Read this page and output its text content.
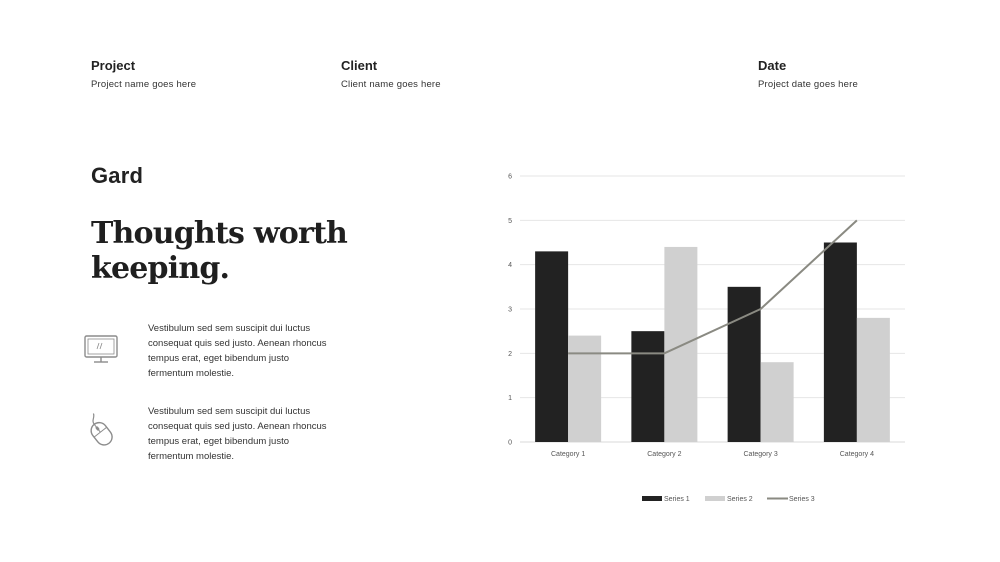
Project
Project name goes here
Client
Client name goes here
Date
Project date goes here
Gard
Thoughts worth keeping.
Vestibulum sed sem suscipit dui luctus consequat quis sed justo. Aenean rhoncus tempus erat, eget bibendum justo fermentum molestie.
Vestibulum sed sem suscipit dui luctus consequat quis sed justo. Aenean rhoncus tempus erat, eget bibendum justo fermentum molestie.
0
1
2
3
4
5
6
Category 1	Category 2	Category 3	Category 4
Series 1	Series 2	Series 3
